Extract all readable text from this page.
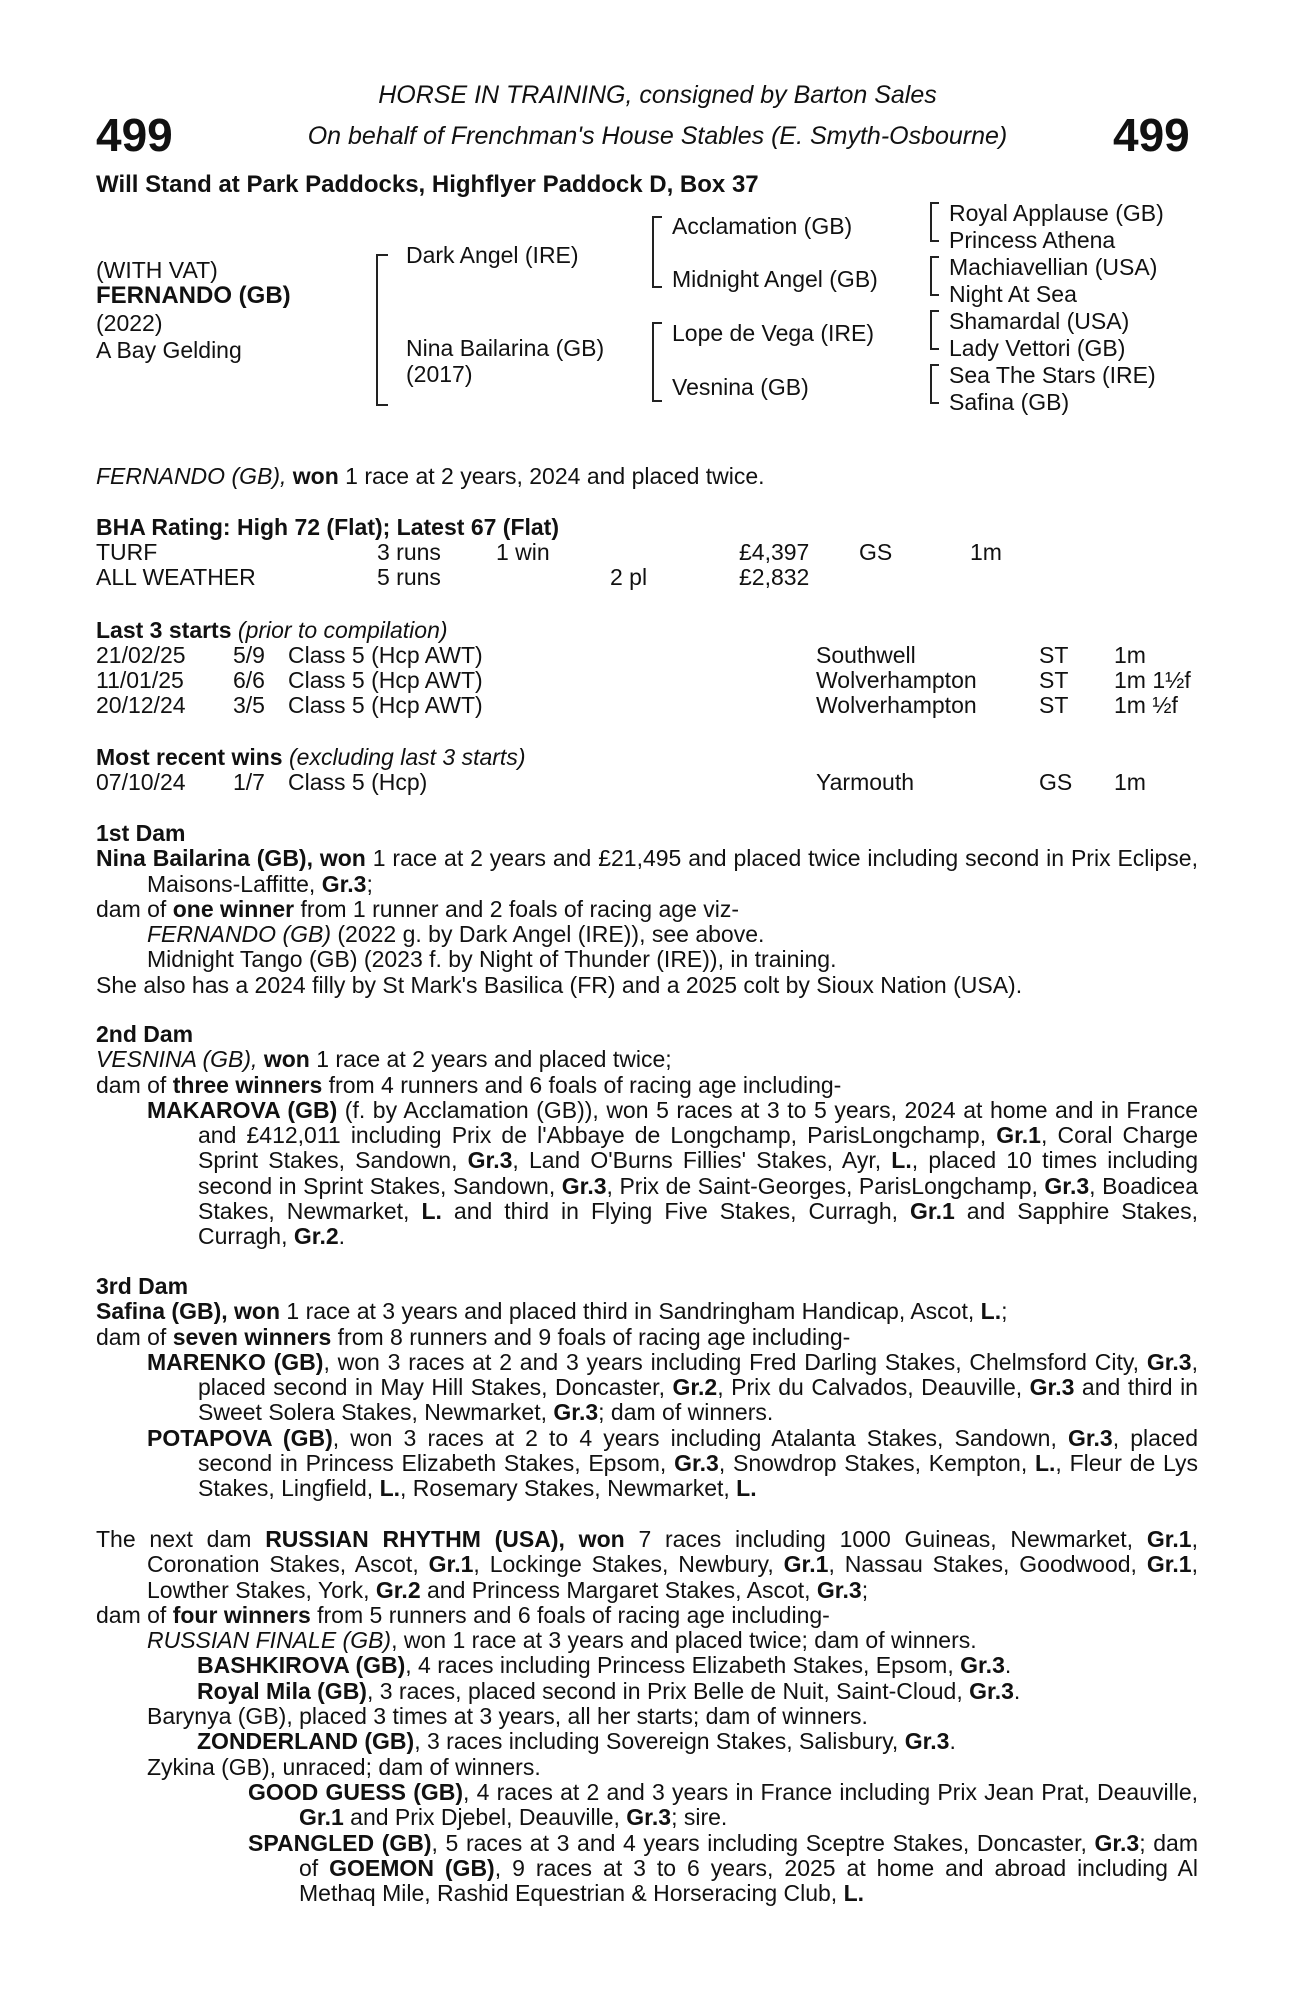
499	499
HORSE IN TRAINING, consigned by Barton Sales
On behalf of Frenchman's House Stables (E. Smyth-Osbourne)
Will Stand at Park Paddocks, Highflyer Paddock D, Box 37
(WITH VAT)
FERNANDO (GB)
(2022)
A Bay Gelding
Dark Angel (IRE)
Nina Bailarina (GB)
(2017)
Acclamation (GB)
Midnight Angel (GB)
Lope de Vega (IRE)
Vesnina (GB)
Royal Applause (GB)
Princess Athena
Machiavellian (USA)
Night At Sea
Shamardal (USA)
Lady Vettori (GB)
Sea The Stars (IRE)
Safina (GB)
FERNANDO (GB), won 1 race at 2 years, 2024 and placed twice.
BHA Rating: High 72 (Flat); Latest 67 (Flat)
TURF	3 runs 1 win	£4,397 GS	1m
ALL WEATHER	5 runs	2 pl	£2,832
Last 3 starts (prior to compilation)
21/02/25 5/9 Class 5 (Hcp AWT)	Southwell	ST 1m
11/01/25 6/6 Class 5 (Hcp AWT)	Wolverhampton	ST 1m 1½f
20/12/24 3/5 Class 5 (Hcp AWT)	Wolverhampton	ST 1m ½f
Most recent wins (excluding last 3 starts)
07/10/24 1/7 Class 5 (Hcp)	Yarmouth	GS 1m

1st Dam

Nina Bailarina (GB), won 1 race at 2 years and £21,495 and placed twice including second in Prix Eclipse, Maisons-Laffitte, Gr.3;

dam of one winner from 1 runner and 2 foals of racing age viz-

FERNANDO (GB) (2022 g. by Dark Angel (IRE)), see above.

Midnight Tango (GB) (2023 f. by Night of Thunder (IRE)), in training.

She also has a 2024 filly by St Mark's Basilica (FR) and a 2025 colt by Sioux Nation (USA).

2nd Dam

VESNINA (GB), won 1 race at 2 years and placed twice;

dam of three winners from 4 runners and 6 foals of racing age including-

MAKAROVA (GB) (f. by Acclamation (GB)), won 5 races at 3 to 5 years, 2024 at home and in France and £412,011 including Prix de l'Abbaye de Longchamp, ParisLongchamp, Gr.1, Coral Charge Sprint Stakes, Sandown, Gr.3, Land O'Burns Fillies' Stakes, Ayr, L., placed 10 times including second in Sprint Stakes, Sandown, Gr.3, Prix de Saint-Georges, ParisLongchamp, Gr.3, Boadicea Stakes, Newmarket, L. and third in Flying Five Stakes, Curragh, Gr.1 and Sapphire Stakes, Curragh, Gr.2.

3rd Dam

Safina (GB), won 1 race at 3 years and placed third in Sandringham Handicap, Ascot, L.;

dam of seven winners from 8 runners and 9 foals of racing age including-

MARENKO (GB), won 3 races at 2 and 3 years including Fred Darling Stakes, Chelmsford City, Gr.3, placed second in May Hill Stakes, Doncaster, Gr.2, Prix du Calvados, Deauville, Gr.3 and third in Sweet Solera Stakes, Newmarket, Gr.3; dam of winners.

POTAPOVA (GB), won 3 races at 2 to 4 years including Atalanta Stakes, Sandown, Gr.3, placed second in Princess Elizabeth Stakes, Epsom, Gr.3, Snowdrop Stakes, Kempton, L., Fleur de Lys Stakes, Lingfield, L., Rosemary Stakes, Newmarket, L.

The next dam RUSSIAN RHYTHM (USA), won 7 races including 1000 Guineas, Newmarket, Gr.1, Coronation Stakes, Ascot, Gr.1, Lockinge Stakes, Newbury, Gr.1, Nassau Stakes, Goodwood, Gr.1, Lowther Stakes, York, Gr.2 and Princess Margaret Stakes, Ascot, Gr.3;

dam of four winners from 5 runners and 6 foals of racing age including-

RUSSIAN FINALE (GB), won 1 race at 3 years and placed twice; dam of winners.

BASHKIROVA (GB), 4 races including Princess Elizabeth Stakes, Epsom, Gr.3.

Royal Mila (GB), 3 races, placed second in Prix Belle de Nuit, Saint-Cloud, Gr.3.

Barynya (GB), placed 3 times at 3 years, all her starts; dam of winners.

ZONDERLAND (GB), 3 races including Sovereign Stakes, Salisbury, Gr.3.

Zykina (GB), unraced; dam of winners.

GOOD GUESS (GB), 4 races at 2 and 3 years in France including Prix Jean Prat, Deauville, Gr.1 and Prix Djebel, Deauville, Gr.3; sire.

SPANGLED (GB), 5 races at 3 and 4 years including Sceptre Stakes, Doncaster, Gr.3; dam of GOEMON (GB), 9 races at 3 to 6 years, 2025 at home and abroad including Al Methaq Mile, Rashid Equestrian & Horseracing Club, L.
